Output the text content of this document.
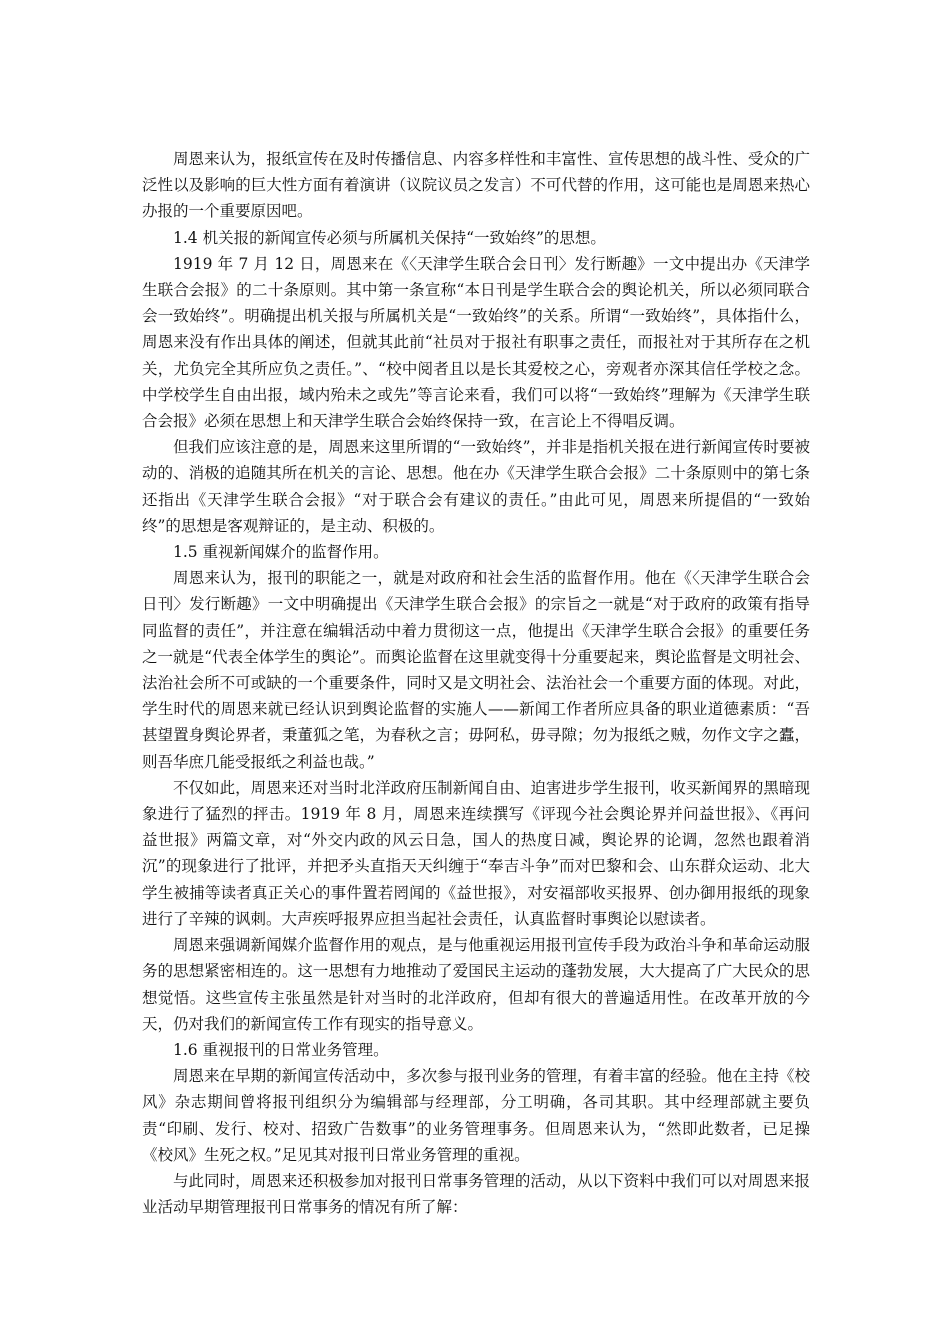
周恩来认为，报纸宣传在及时传播信息、内容多样性和丰富性、宣传思想的战斗性、受众的广泛性以及影响的巨大性方面有着演讲（议院议员之发言）不可代替的作用，这可能也是周恩来热心办报的一个重要原因吧。

1.4 机关报的新闻宣传必须与所属机关保持“一致始终”的思想。

1919 年 7 月 12 日，周恩来在《〈天津学生联合会日刊〉发行断趣》一文中提出办《天津学生联合会报》的二十条原则。其中第一条宣称“本日刊是学生联合会的舆论机关，所以必须同联合会一致始终”。明确提出机关报与所属机关是“一致始终”的关系。所谓“一致始终”，具体指什么，周恩来没有作出具体的阐述，但就其此前“社员对于报社有职事之责任，而报社对于其所存在之机关，尤负完全其所应负之责任。”、“校中阅者且以是长其爱校之心，旁观者亦深其信任学校之念。中学校学生自由出报，域内殆未之或先”等言论来看，我们可以将“一致始终”理解为《天津学生联合会报》必须在思想上和天津学生联合会始终保持一致，在言论上不得唱反调。

但我们应该注意的是，周恩来这里所谓的“一致始终”，并非是指机关报在进行新闻宣传时要被动的、消极的追随其所在机关的言论、思想。他在办《天津学生联合会报》二十条原则中的第七条还指出《天津学生联合会报》“对于联合会有建议的责任。”由此可见，周恩来所提倡的“一致始终”的思想是客观辩证的，是主动、积极的。

1.5 重视新闻媒介的监督作用。

周恩来认为，报刊的职能之一，就是对政府和社会生活的监督作用。他在《〈天津学生联合会日刊〉发行断趣》一文中明确提出《天津学生联合会报》的宗旨之一就是“对于政府的政策有指导同监督的责任”，并注意在编辑活动中着力贯彻这一点，他提出《天津学生联合会报》的重要任务之一就是“代表全体学生的舆论”。而舆论监督在这里就变得十分重要起来，舆论监督是文明社会、法治社会所不可或缺的一个重要条件，同时又是文明社会、法治社会一个重要方面的体现。对此，学生时代的周恩来就已经认识到舆论监督的实施人——新闻工作者所应具备的职业道德素质：“吾甚望置身舆论界者，秉董狐之笔，为春秋之言；毋阿私，毋寻隙；勿为报纸之贼，勿作文字之蠹，则吾华庶几能受报纸之利益也哉。”

不仅如此，周恩来还对当时北洋政府压制新闻自由、迫害进步学生报刊，收买新闻界的黑暗现象进行了猛烈的抨击。1919 年 8 月，周恩来连续撰写《评现今社会舆论界并问益世报》、《再问益世报》两篇文章，对“外交内政的风云日急，国人的热度日减，舆论界的论调，忽然也跟着消沉”的现象进行了批评，并把矛头直指天天纠缠于“奉吉斗争”而对巴黎和会、山东群众运动、北大学生被捕等读者真正关心的事件置若罔闻的《益世报》，对安福部收买报界、创办御用报纸的现象进行了辛辣的讽刺。大声疾呼报界应担当起社会责任，认真监督时事舆论以慰读者。

周恩来强调新闻媒介监督作用的观点，是与他重视运用报刊宣传手段为政治斗争和革命运动服务的思想紧密相连的。这一思想有力地推动了爱国民主运动的蓬勃发展，大大提高了广大民众的思想觉悟。这些宣传主张虽然是针对当时的北洋政府，但却有很大的普遍适用性。在改革开放的今天，仍对我们的新闻宣传工作有现实的指导意义。

1.6 重视报刊的日常业务管理。

周恩来在早期的新闻宣传活动中，多次参与报刊业务的管理，有着丰富的经验。他在主持《校风》杂志期间曾将报刊组织分为编辑部与经理部，分工明确，各司其职。其中经理部就主要负责“印刷、发行、校对、招致广告数事”的业务管理事务。但周恩来认为，“然即此数者，已足操《校风》生死之权。”足见其对报刊日常业务管理的重视。

与此同时，周恩来还积极参加对报刊日常事务管理的活动，从以下资料中我们可以对周恩来报业活动早期管理报刊日常事务的情况有所了解：
